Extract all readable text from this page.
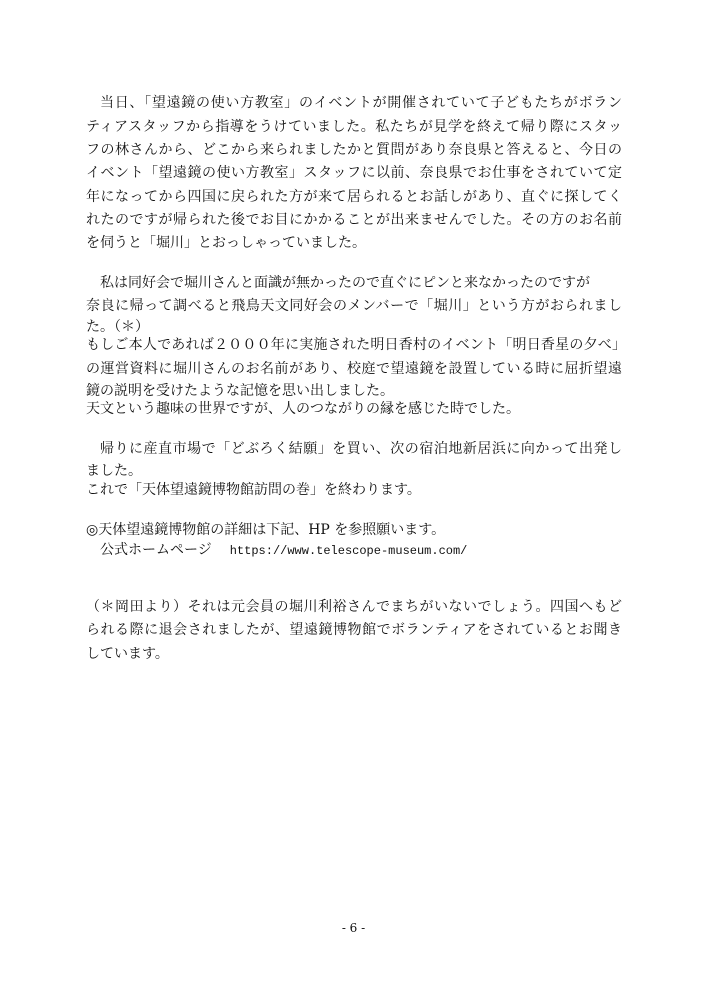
当日、「望遠鏡の使い方教室」のイベントが開催されていて子どもたちがボラン
ティアスタッフから指導をうけていました。私たちが見学を終えて帰り際にスタッ
フの林さんから、どこから来られましたかと質問があり奈良県と答えると、今日の
イベント「望遠鏡の使い方教室」スタッフに以前、奈良県でお仕事をされていて定
年になってから四国に戻られた方が来て居られるとお話しがあり、直ぐに探してく
れたのですが帰られた後でお目にかかることが出来ませんでした。その方のお名前
を伺うと「堀川」とおっしゃっていました。
私は同好会で堀川さんと面識が無かったので直ぐにピンと来なかったのですが
奈良に帰って調べると飛鳥天文同好会のメンバーで「堀川」という方がおられまし
た。（＊）
もしご本人であれば２０００年に実施された明日香村のイベント「明日香星の夕べ」
の運営資料に堀川さんのお名前があり、校庭で望遠鏡を設置している時に屈折望遠
鏡の説明を受けたような記憶を思い出しました。
天文という趣味の世界ですが、人のつながりの縁を感じた時でした。
帰りに産直市場で「どぶろく結願」を買い、次の宿泊地新居浜に向かって出発し
ました。
これで「天体望遠鏡博物館訪問の巻」を終わります。
◎天体望遠鏡博物館の詳細は下記、HP を参照願います。
公式ホームページ https://www.telescope-museum.com/
（＊岡田より）それは元会員の堀川利裕さんでまちがいないでしょう。四国へもど
られる際に退会されましたが、望遠鏡博物館でボランティアをされているとお聞き
しています。
- 6 -
